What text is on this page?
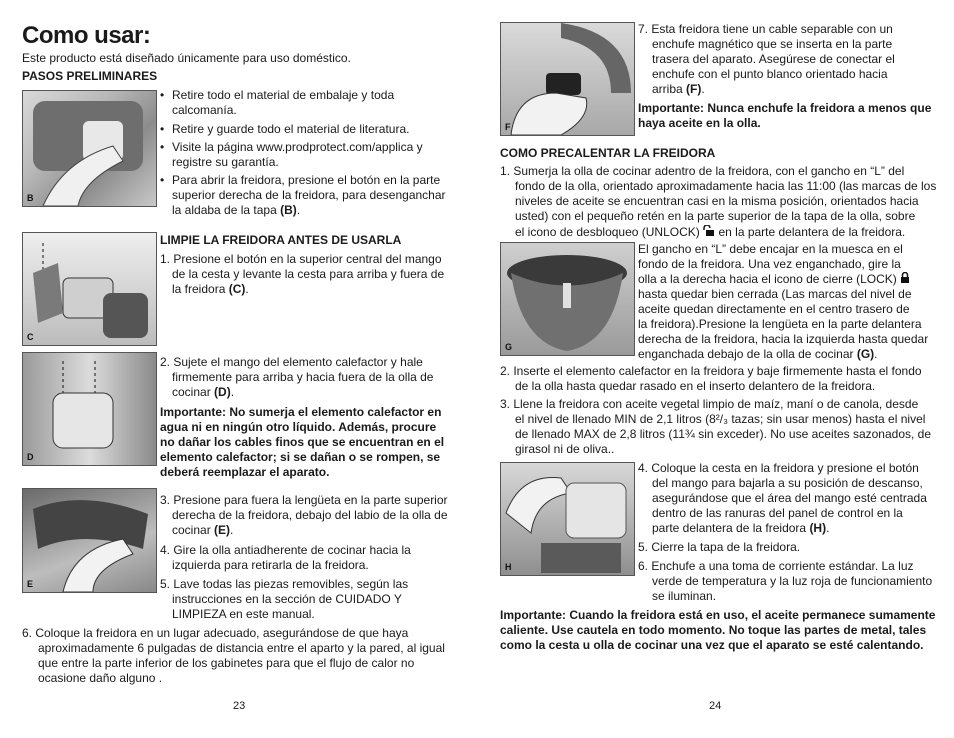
Como usar:
Este producto está diseñado únicamente para uso doméstico.
PASOS PRELIMINARES
B
• Retire todo el material de embalaje y toda
calcomanía.
• Retire y guarde todo el material de literatura.
• Visite la página www.prodprotect.com/applica y
registre su garantía.
• Para abrir la freidora, presione el botón en la parte
superior derecha de la freidora, para desenganchar
la aldaba de la tapa (B).
C
LIMPIE LA FREIDORA ANTES DE USARLA
1. Presione el botón en la superior central del mango
de la cesta y levante la cesta para arriba y fuera de
la freidora (C).
D
2. Sujete el mango del elemento calefactor y hale
firmemente para arriba y hacia fuera de la olla de
cocinar (D).
Importante: No sumerja el elemento calefactor en
agua ni en ningún otro líquido. Además, procure
no dañar los cables finos que se encuentran en el
elemento calefactor; si se dañan o se rompen, se
deberá reemplazar el aparato.
E
3. Presione para fuera la lengüeta en la parte superior
derecha de la freidora, debajo del labio de la olla de
cocinar (E).
4. Gire la olla antiadherente de cocinar hacia la
izquierda para retirarla de la freidora.
5. Lave todas las piezas removibles, según las
instrucciones en la sección de CUIDADO Y
LIMPIEZA en este manual.
6. Coloque la freidora en un lugar adecuado, asegurándose de que haya
aproximadamente 6 pulgadas de distancia entre el aparto y la pared, al igual
que entre la parte inferior de los gabinetes para que el flujo de calor no
ocasione daño alguno .
23
F
7. Esta freidora tiene un cable separable con un
enchufe magnético que se inserta en la parte
trasera del aparato. Asegúrese de conectar el
enchufe con el punto blanco orientado hacia
arriba (F).
Importante: Nunca enchufe la freidora a menos que
haya aceite en la olla.
COMO PRECALENTAR LA FREIDORA
1. Sumerja la olla de cocinar adentro de la freidora, con el gancho en “L” del
fondo de la olla, orientado aproximadamente hacia las 11:00 (las marcas de los
niveles de aceite se encuentran casi en la misma posición, orientados hacia
usted) con el pequeño retén en la parte superior de la tapa de la olla, sobre
el icono de desbloqueo (UNLOCK) en la parte delantera de la freidora.
G
El gancho en “L” debe encajar en la muesca en el
fondo de la freidora. Una vez enganchado, gire la
olla a la derecha hacia el icono de cierre (LOCK)
hasta quedar bien cerrada (Las marcas del nivel de
aceite quedan directamente en el centro trasero de
la freidora).Presione la lengüeta en la parte delantera
derecha de la freidora, hacia la izquierda hasta quedar
enganchada debajo de la olla de cocinar (G).
2. Inserte el elemento calefactor en la freidora y baje firmemente hasta el fondo
de la olla hasta quedar rasado en el inserto delantero de la freidora.
3. Llene la freidora con aceite vegetal limpio de maíz, maní o de canola, desde
el nivel de llenado MIN de 2,1 litros (8²/₃ tazas; sin usar menos) hasta el nivel
de llenado MAX de 2,8 litros (11¾ sin exceder). No use aceites sazonados, de
girasol ni de oliva..
H
4. Coloque la cesta en la freidora y presione el botón
del mango para bajarla a su posición de descanso,
asegurándose que el área del mango esté centrada
dentro de las ranuras del panel de control en la
parte delantera de la freidora (H).
5. Cierre la tapa de la freidora.
6. Enchufe a una toma de corriente estándar. La luz
verde de temperatura y la luz roja de funcionamiento
se iluminan.
Importante: Cuando la freidora está en uso, el aceite permanece sumamente
caliente. Use cautela en todo momento. No toque las partes de metal, tales
como la cesta u olla de cocinar una vez que el aparato se esté calentando.
24
